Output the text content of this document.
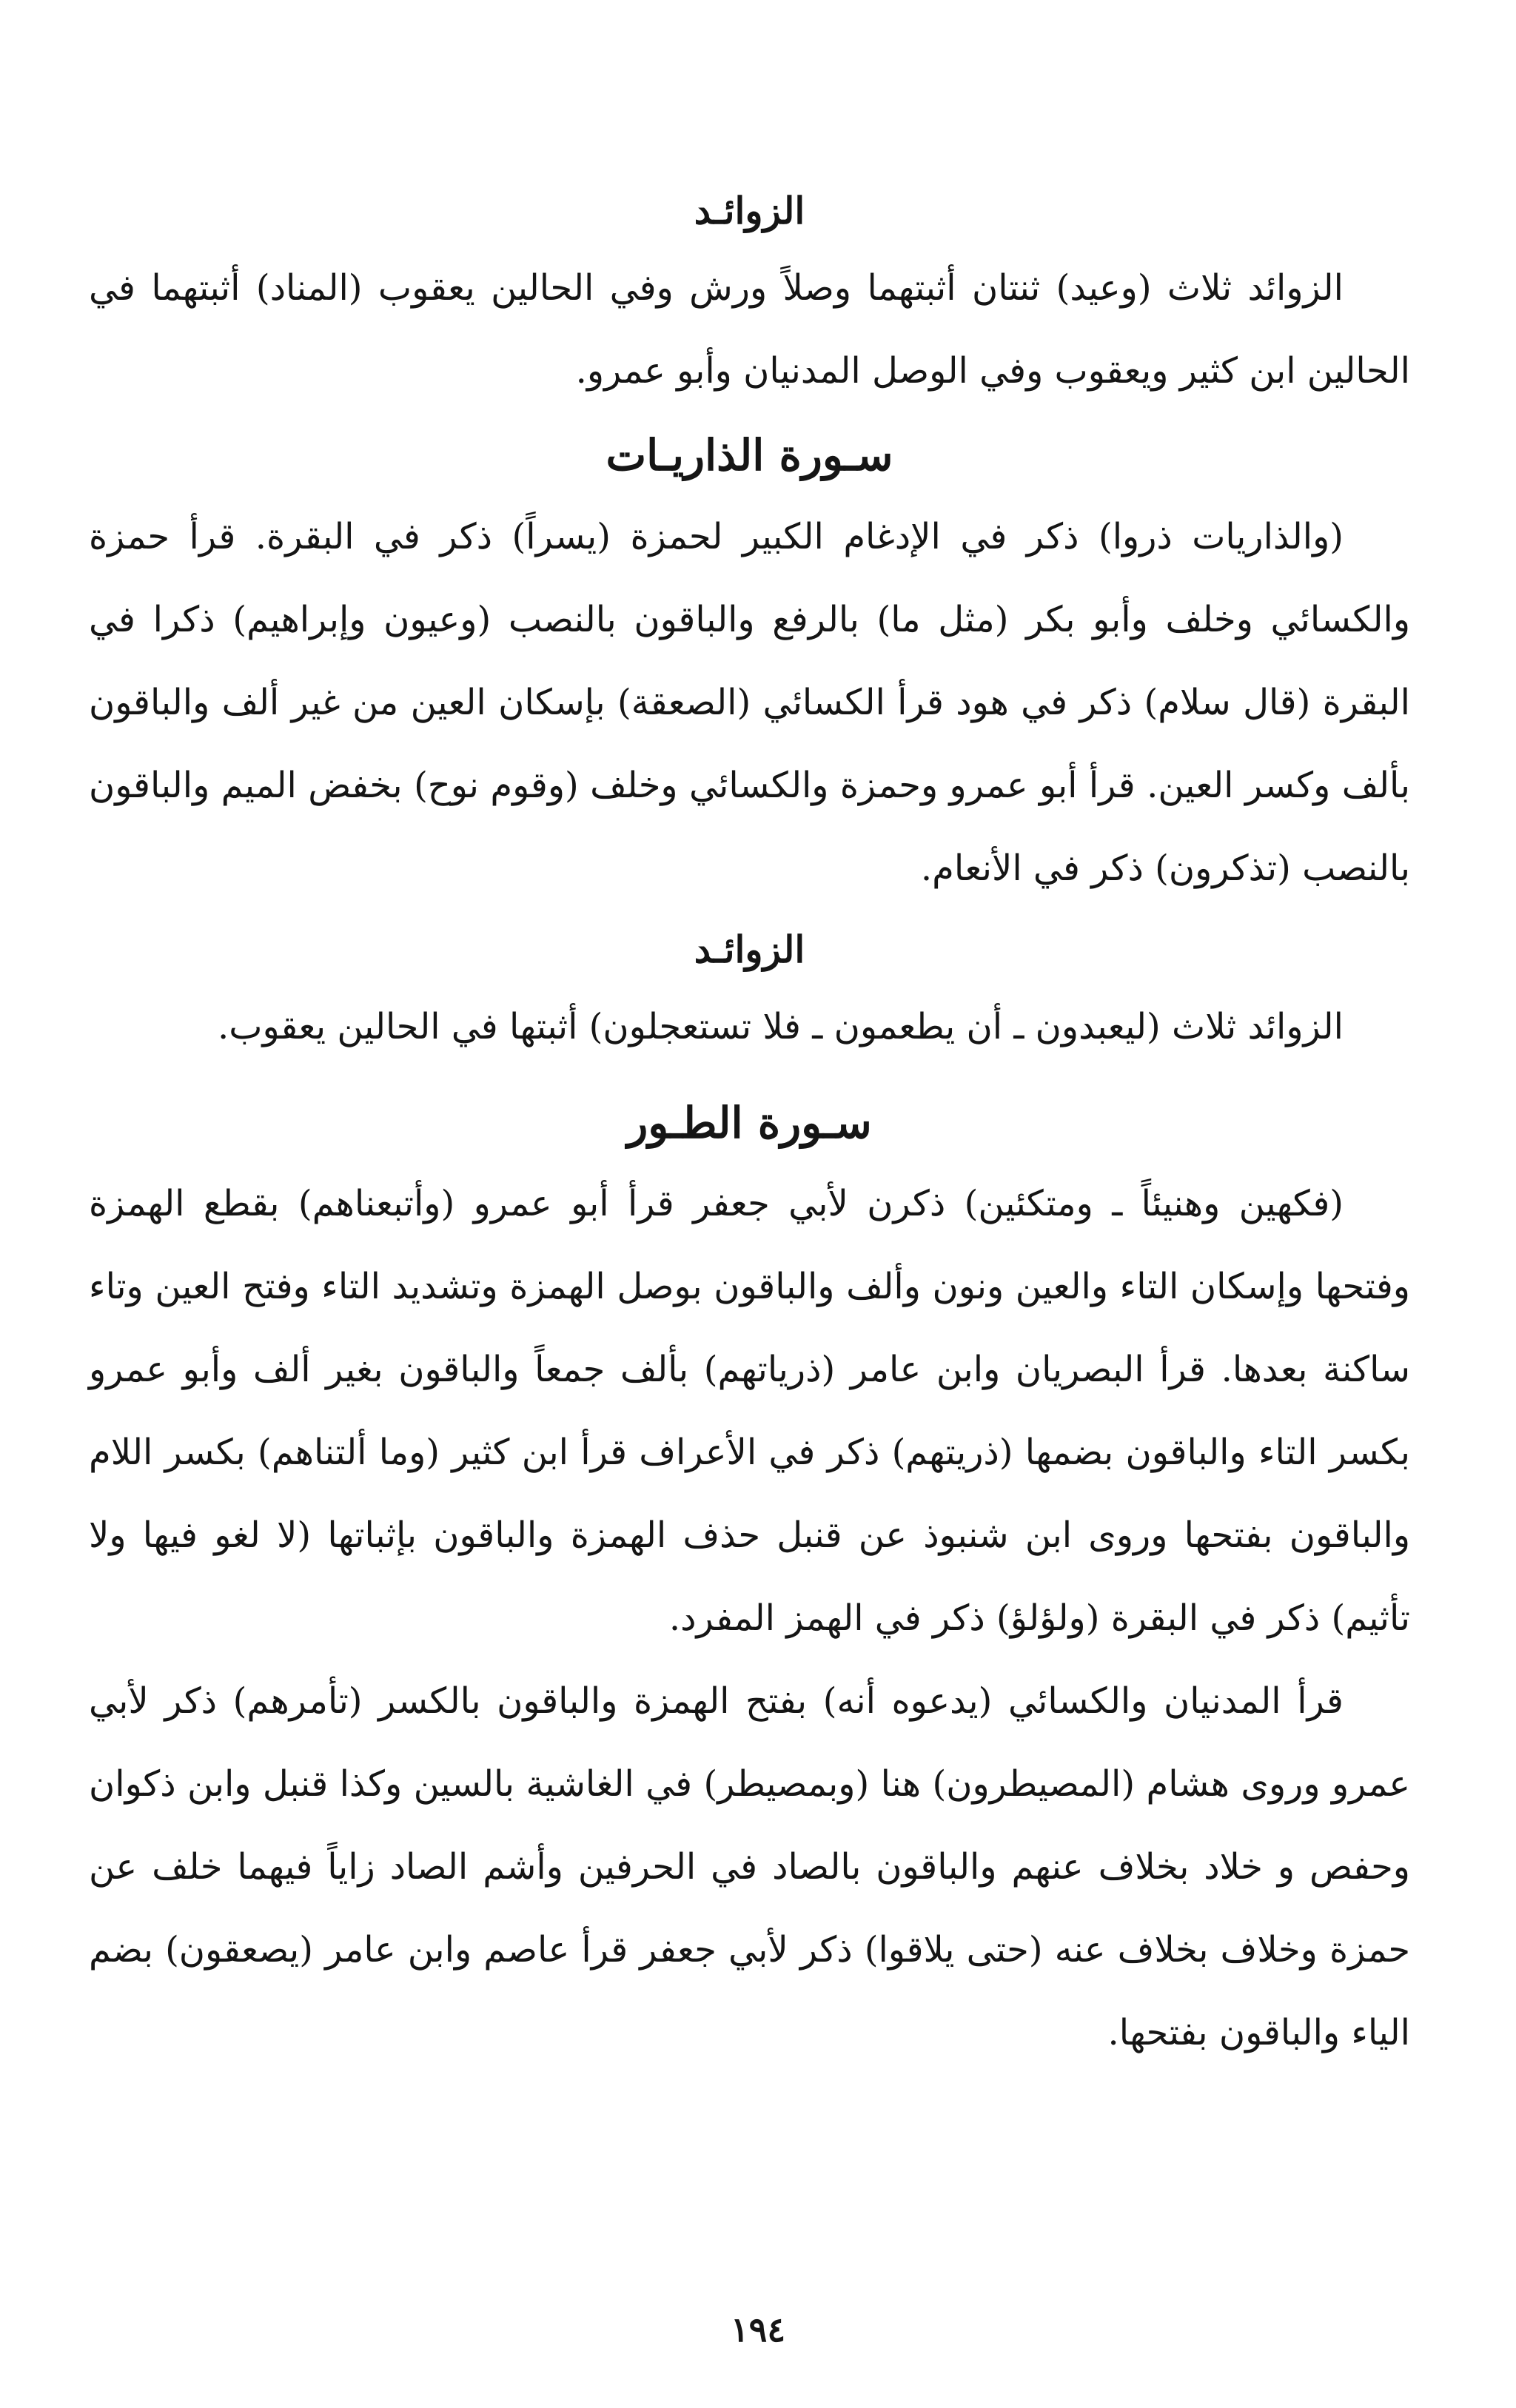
الزوائـد

الزوائد ثلاث (وعيد) ثنتان أثبتهما وصلاً ورش وفي الحالين يعقوب (المناد) أثبتهما في الحالين ابن كثير ويعقوب وفي الوصل المدنيان وأبو عمرو.

سـورة الذاريـات

(والذاريات ذروا) ذكر في الإدغام الكبير لحمزة (يسراً) ذكر في البقرة. قرأ حمزة والكسائي وخلف وأبو بكر (مثل ما) بالرفع والباقون بالنصب (وعيون وإبراهيم) ذكرا في البقرة (قال سلام) ذكر في هود قرأ الكسائي (الصعقة) بإسكان العين من غير ألف والباقون بألف وكسر العين. قرأ أبو عمرو وحمزة والكسائي وخلف (وقوم نوح) بخفض الميم والباقون بالنصب (تذكرون) ذكر في الأنعام.

الزوائـد

الزوائد ثلاث (ليعبدون ـ أن يطعمون ـ فلا تستعجلون) أثبتها في الحالين يعقوب.

سـورة الطـور

(فكهين وهنيئاً ـ ومتكئين) ذكرن لأبي جعفر قرأ أبو عمرو (وأتبعناهم) بقطع الهمزة وفتحها وإسكان التاء والعين ونون وألف والباقون بوصل الهمزة وتشديد التاء وفتح العين وتاء ساكنة بعدها. قرأ البصريان وابن عامر (ذرياتهم) بألف جمعاً والباقون بغير ألف وأبو عمرو بكسر التاء والباقون بضمها (ذريتهم) ذكر في الأعراف قرأ ابن كثير (وما ألتناهم) بكسر اللام والباقون بفتحها وروى ابن شنبوذ عن قنبل حذف الهمزة والباقون بإثباتها (لا لغو فيها ولا تأثيم) ذكر في البقرة (ولؤلؤ) ذكر في الهمز المفرد.

قرأ المدنيان والكسائي (يدعوه أنه) بفتح الهمزة والباقون بالكسر (تأمرهم) ذكر لأبي عمرو وروى هشام (المصيطرون) هنا (وبمصيطر) في الغاشية بالسين وكذا قنبل وابن ذكوان وحفص و خلاد بخلاف عنهم والباقون بالصاد في الحرفين وأشم الصاد زاياً فيهما خلف عن حمزة وخلاف بخلاف عنه (حتى يلاقوا) ذكر لأبي جعفر قرأ عاصم وابن عامر (يصعقون) بضم الياء والباقون بفتحها.

١٩٤
